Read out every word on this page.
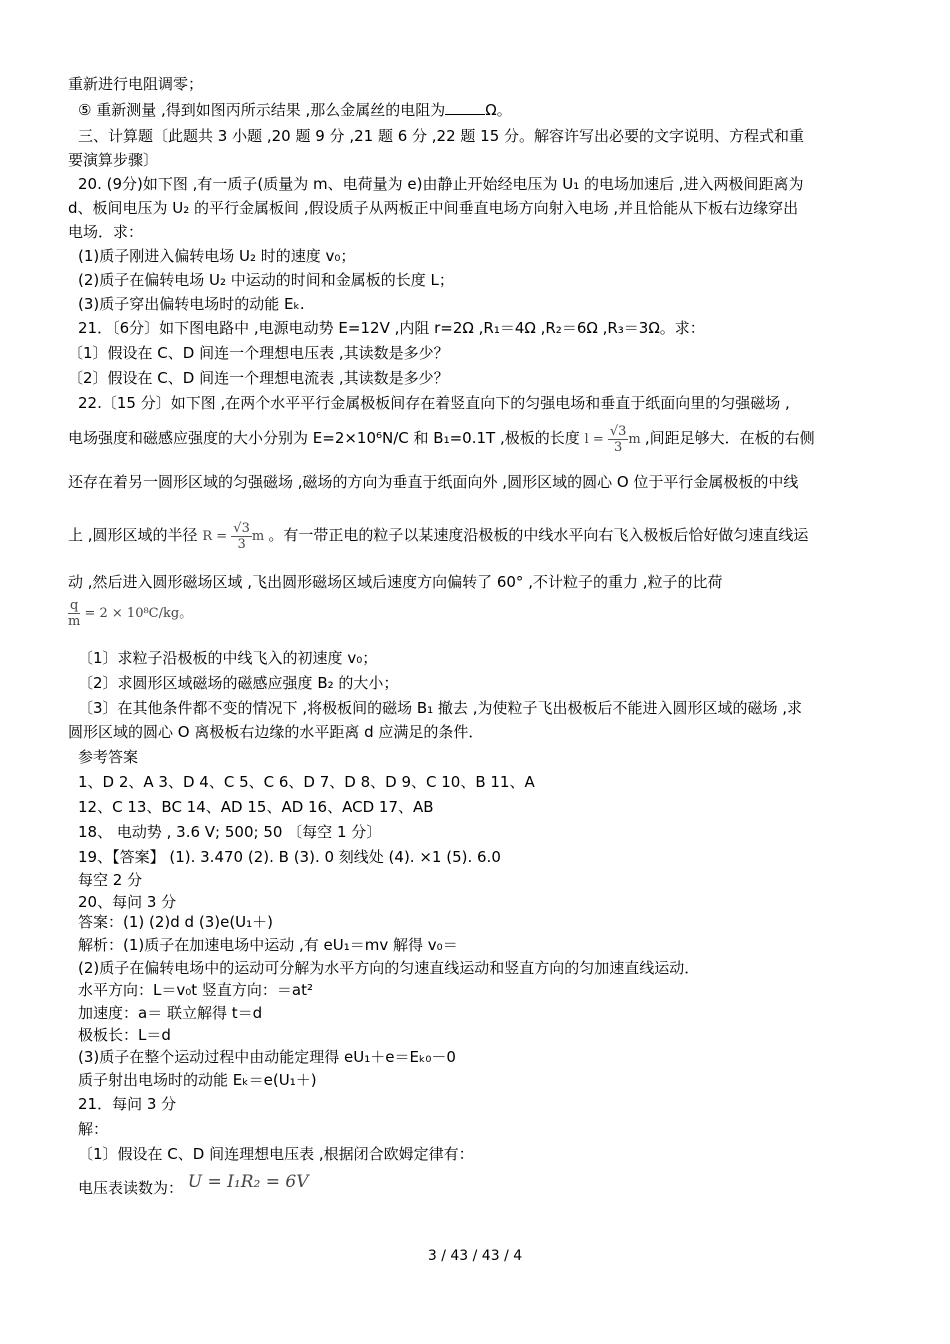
重新进行电阻调零；
⑤ 重新测量 ,得到如图丙所示结果 ,那么金属丝的电阻为	Ω。
三、计算题〔此题共 3 小题 ,20 题 9 分 ,21 题 6 分 ,22 题 15 分。解容许写出必要的文字说明、方程式和重
要演算步骤〕
20. (9分)如下图 ,有一质子(质量为 m、电荷量为 e)由静止开始经电压为 U₁ 的电场加速后 ,进入两极间距离为
d、板间电压为 U₂ 的平行金属板间 ,假设质子从两板正中间垂直电场方向射入电场 ,并且恰能从下板右边缘穿出
电场．求：
(1)质子刚进入偏转电场 U₂ 时的速度 v₀；
(2)质子在偏转电场 U₂ 中运动的时间和金属板的长度 L；
(3)质子穿出偏转电场时的动能 Eₖ.
21．〔6分〕如下图电路中 ,电源电动势 E=12V ,内阻 r=2Ω ,R₁＝4Ω ,R₂＝6Ω ,R₃＝3Ω。求：
〔1〕假设在 C、D 间连一个理想电压表 ,其读数是多少？
〔2〕假设在 C、D 间连一个理想电流表 ,其读数是多少？
22.〔15 分〕如下图 ,在两个水平平行金属极板间存在着竖直向下的匀强电场和垂直于纸面向里的匀强磁场 ,
电场强度和磁感应强度的大小分别为 E=2×10⁶N/C 和 B₁=0.1T ,极板的长度 $l = \frac{√3}{3}$ m ,间距足够大．在板的右侧
还存在着另一圆形区域的匀强磁场 ,磁场的方向为垂直于纸面向外 ,圆形区域的圆心 O 位于平行金属极板的中线
上 ,圆形区域的半径 $R = \frac{√3}{3}$ m 。有一带正电的粒子以某速度沿极板的中线水平向右飞入极板后恰好做匀速直线运
动 ,然后进入圆形磁场区域 ,飞出圆形磁场区域后速度方向偏转了 60° ,不计粒子的重力 ,粒子的比荷
$\frac{q}{m} = 2 \times 10^8C/kg$。
〔1〕求粒子沿极板的中线飞入的初速度 v₀；
〔2〕求圆形区域磁场的磁感应强度 B₂ 的大小；
〔3〕在其他条件都不变的情况下 ,将极板间的磁场 B₁ 撤去 ,为使粒子飞出极板后不能进入圆形区域的磁场 ,求
圆形区域的圆心 O 离极板右边缘的水平距离 d 应满足的条件．
参考答案
1、D 2、A 3、D 4、C 5、C 6、D 7、D 8、D 9、C 10、B 11、A
12、C 13、BC 14、AD 15、AD 16、ACD 17、AB
18、 电动势 , 3.6 V; 500; 50 〔每空 1 分〕
19、【答案】 (1). 3.470 (2). B (3). 0 刻线处 (4). ×1 (5). 6.0
每空 2 分
20、每问 3 分
答案：(1) (2)d d (3)e(U₁＋)
解析：(1)质子在加速电场中运动 ,有 eU₁＝mv 解得 v₀＝
(2)质子在偏转电场中的运动可分解为水平方向的匀速直线运动和竖直方向的匀加速直线运动．
水平方向：L＝v₀t 竖直方向：＝at²
加速度：a＝ 联立解得 t＝d
极板长：L＝d
(3)质子在整个运动过程中由动能定理得 eU₁＋e＝Eₖ₀－0
质子射出电场时的动能 Eₖ＝e(U₁＋)
21．每问 3 分
解：
〔1〕假设在 C、D 间连理想电压表 ,根据闭合欧姆定律有：
电压表读数为： U = I₁R₂ = 6V
3 / 43 / 43 / 4
